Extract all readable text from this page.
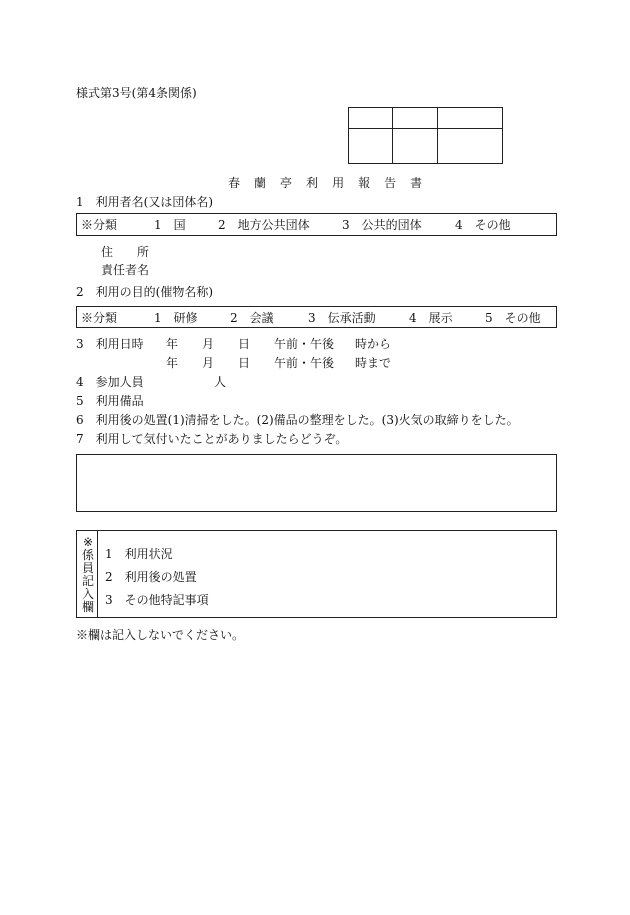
様式第3号(第4条関係)
春 蘭 亭 利 用 報 告 書
1　利用者名(又は団体名)
※分類	1　国	2　地方公共団体	3　公共的団体	4　その他
住　　所
責任者名
2　利用の目的(催物名称)
※分類	1　研修	2　会議	3　伝承活動	4　展示	5　その他
3　利用日時 年 月 日 午前・午後 時から
年 月 日 午前・午後 時まで
4　参加人員	人
5　利用備品
6　利用後の処置(1)清掃をした。(2)備品の整理をした。(3)火気の取締りをした。
7　利用して気付いたことがありましたらどうぞ。
※
係
員
記
入
欄
1　利用状況
2　利用後の処置
3　その他特記事項
※欄は記入しないでください。
